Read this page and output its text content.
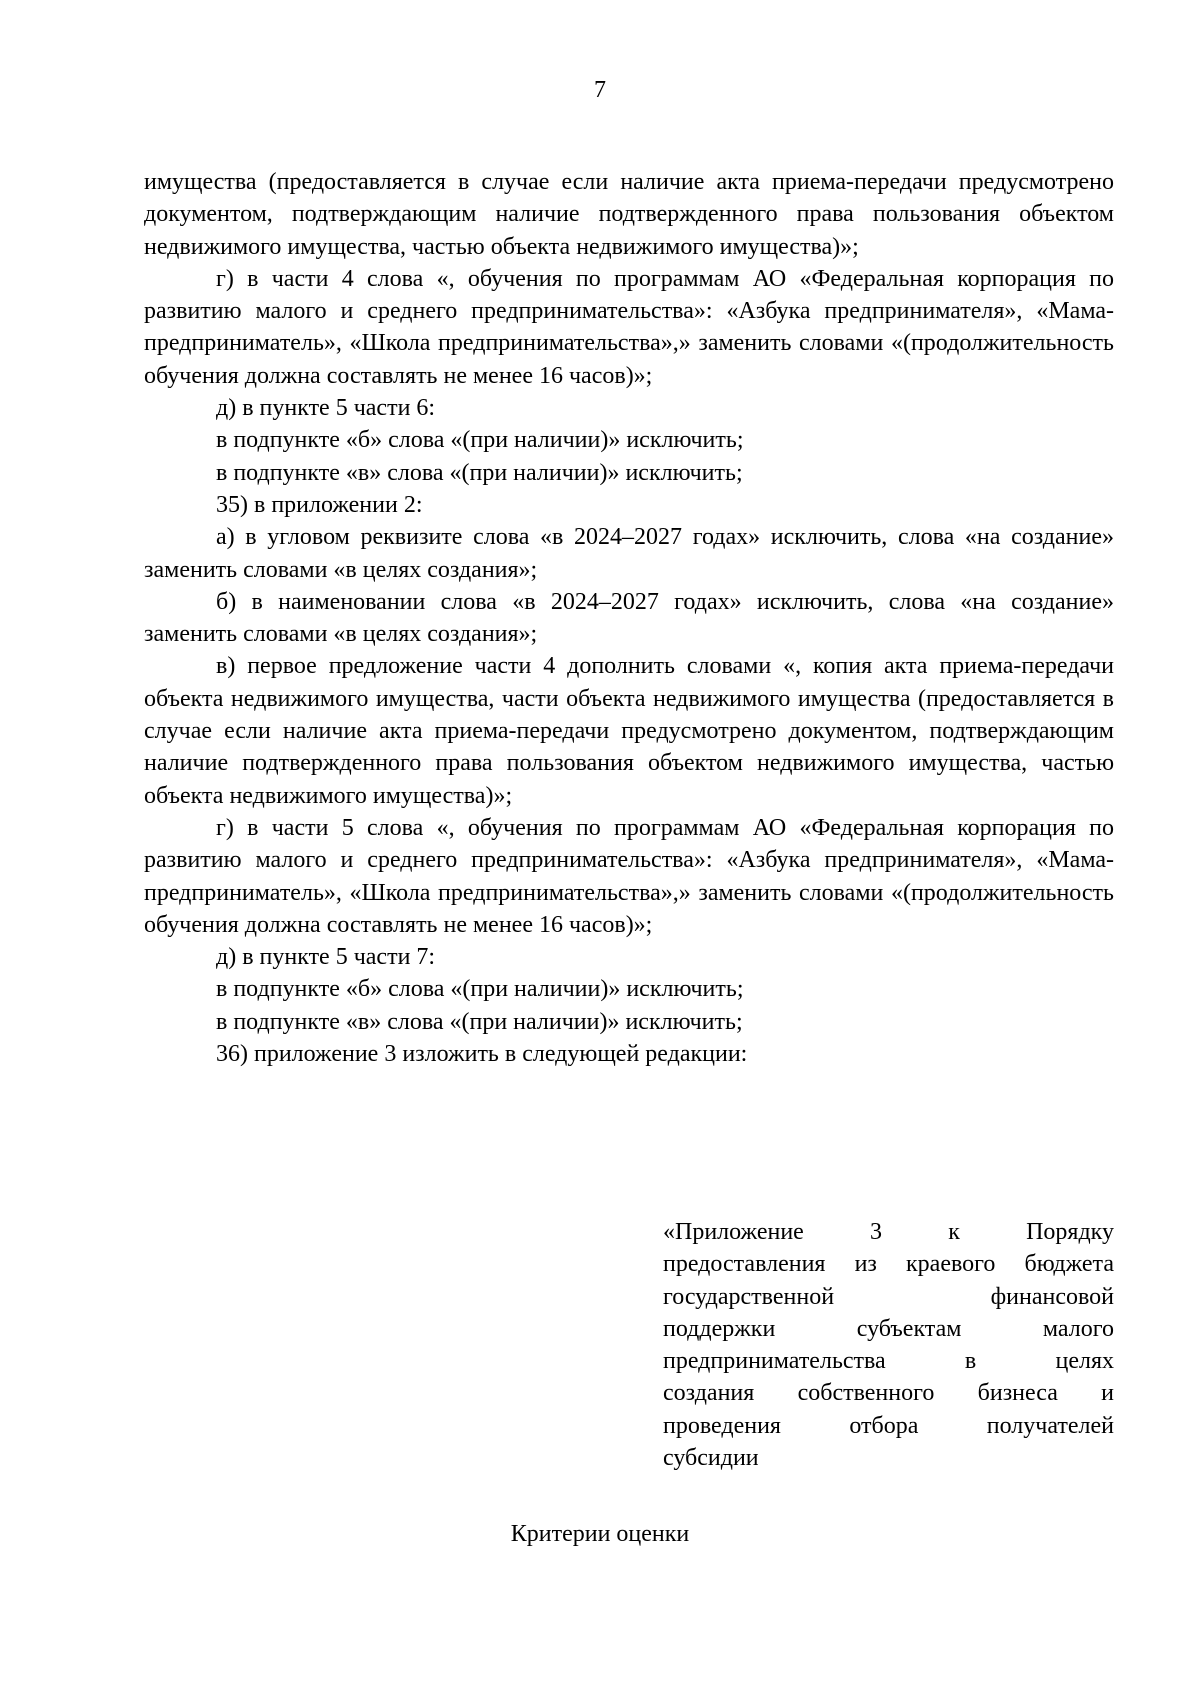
7

имущества (предоставляется в случае если наличие акта приема-передачи предусмотрено документом, подтверждающим наличие подтвержденного права пользования объектом недвижимого имущества, частью объекта недвижимого имущества)»;

г) в части 4 слова «, обучения по программам АО «Федеральная корпорация по развитию малого и среднего предпринимательства»: «Азбука предпринимателя», «Мама-предприниматель», «Школа предпринимательства»,» заменить словами «(продолжительность обучения должна составлять не менее 16 часов)»;

д) в пункте 5 части 6:

в подпункте «б» слова «(при наличии)» исключить;

в подпункте «в» слова «(при наличии)» исключить;

35) в приложении 2:

а) в угловом реквизите слова «в 2024–2027 годах» исключить, слова «на создание» заменить словами «в целях создания»;

б) в наименовании слова «в 2024–2027 годах» исключить, слова «на создание» заменить словами «в целях создания»;

в) первое предложение части 4 дополнить словами «, копия акта приема-передачи объекта недвижимого имущества, части объекта недвижимого имущества (предоставляется в случае если наличие акта приема-передачи предусмотрено документом, подтверждающим наличие подтвержденного права пользования объектом недвижимого имущества, частью объекта недвижимого имущества)»;

г) в части 5 слова «, обучения по программам АО «Федеральная корпорация по развитию малого и среднего предпринимательства»: «Азбука предпринимателя», «Мама-предприниматель», «Школа предпринимательства»,» заменить словами «(продолжительность обучения должна составлять не менее 16 часов)»;

д) в пункте 5 части 7:

в подпункте «б» слова «(при наличии)» исключить;

в подпункте «в» слова «(при наличии)» исключить;

36) приложение 3 изложить в следующей редакции:

«Приложение 3 к Порядку
предоставления из краевого бюджета
государственной финансовой
поддержки субъектам малого
предпринимательства в целях
создания собственного бизнеса и
проведения отбора получателей
субсидии
Критерии оценки
